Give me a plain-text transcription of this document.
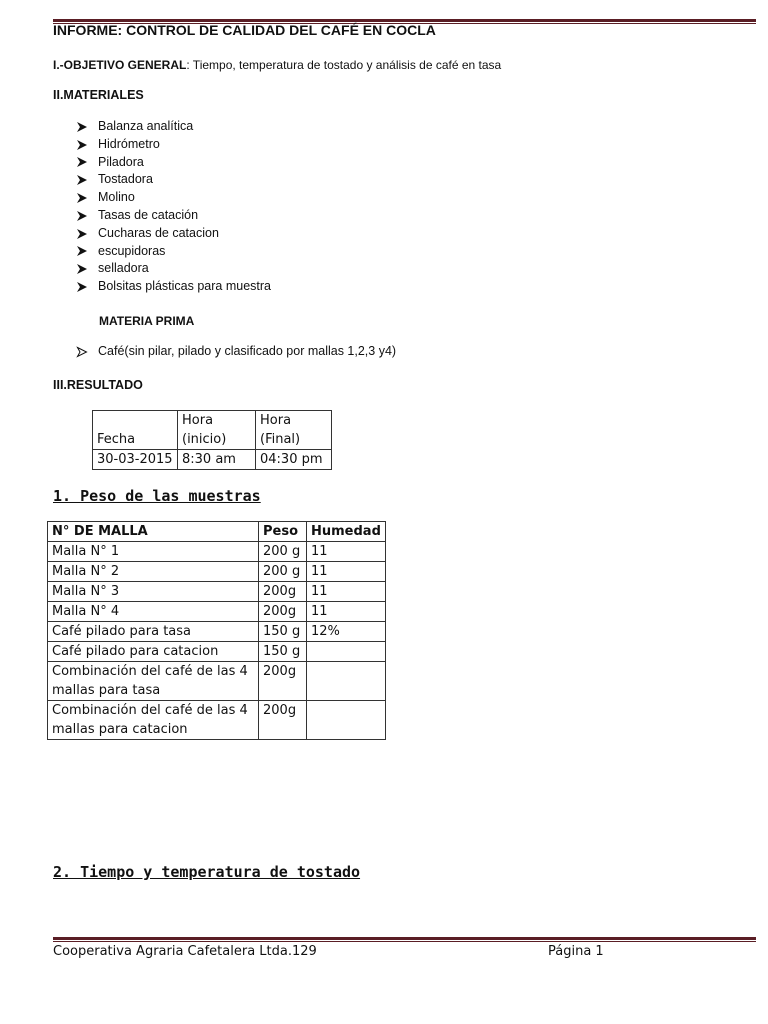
INFORME: CONTROL DE CALIDAD DEL CAFÉ EN COCLA
I.-OBJETIVO GENERAL: Tiempo, temperatura de tostado y análisis de café en tasa
II.MATERIALES
Balanza analítica
Hidrómetro
Piladora
Tostadora
Molino
Tasas de catación
Cucharas de catacion
escupidoras
selladora
Bolsitas plásticas para muestra
MATERIA PRIMA
Café(sin pilar, pilado y clasificado por mallas 1,2,3 y4)
III.RESULTADO
Fecha	Hora (inicio)	Hora (Final)
30-03-2015	8:30 am	04:30 pm
1. Peso de las muestras
N° DE MALLA	Peso	Humedad
Malla N° 1	200 g	11
Malla N° 2	200 g	11
Malla N° 3	200g	11
Malla N° 4	200g	11
Café pilado para tasa	150 g	12%
Café pilado para catacion	150 g	
Combinación del café de las 4 mallas para tasa	200g	
Combinación del café de las 4 mallas para catacion	200g	
2. Tiempo y temperatura de tostado
Cooperativa Agraria Cafetalera Ltda.129	Página 1
